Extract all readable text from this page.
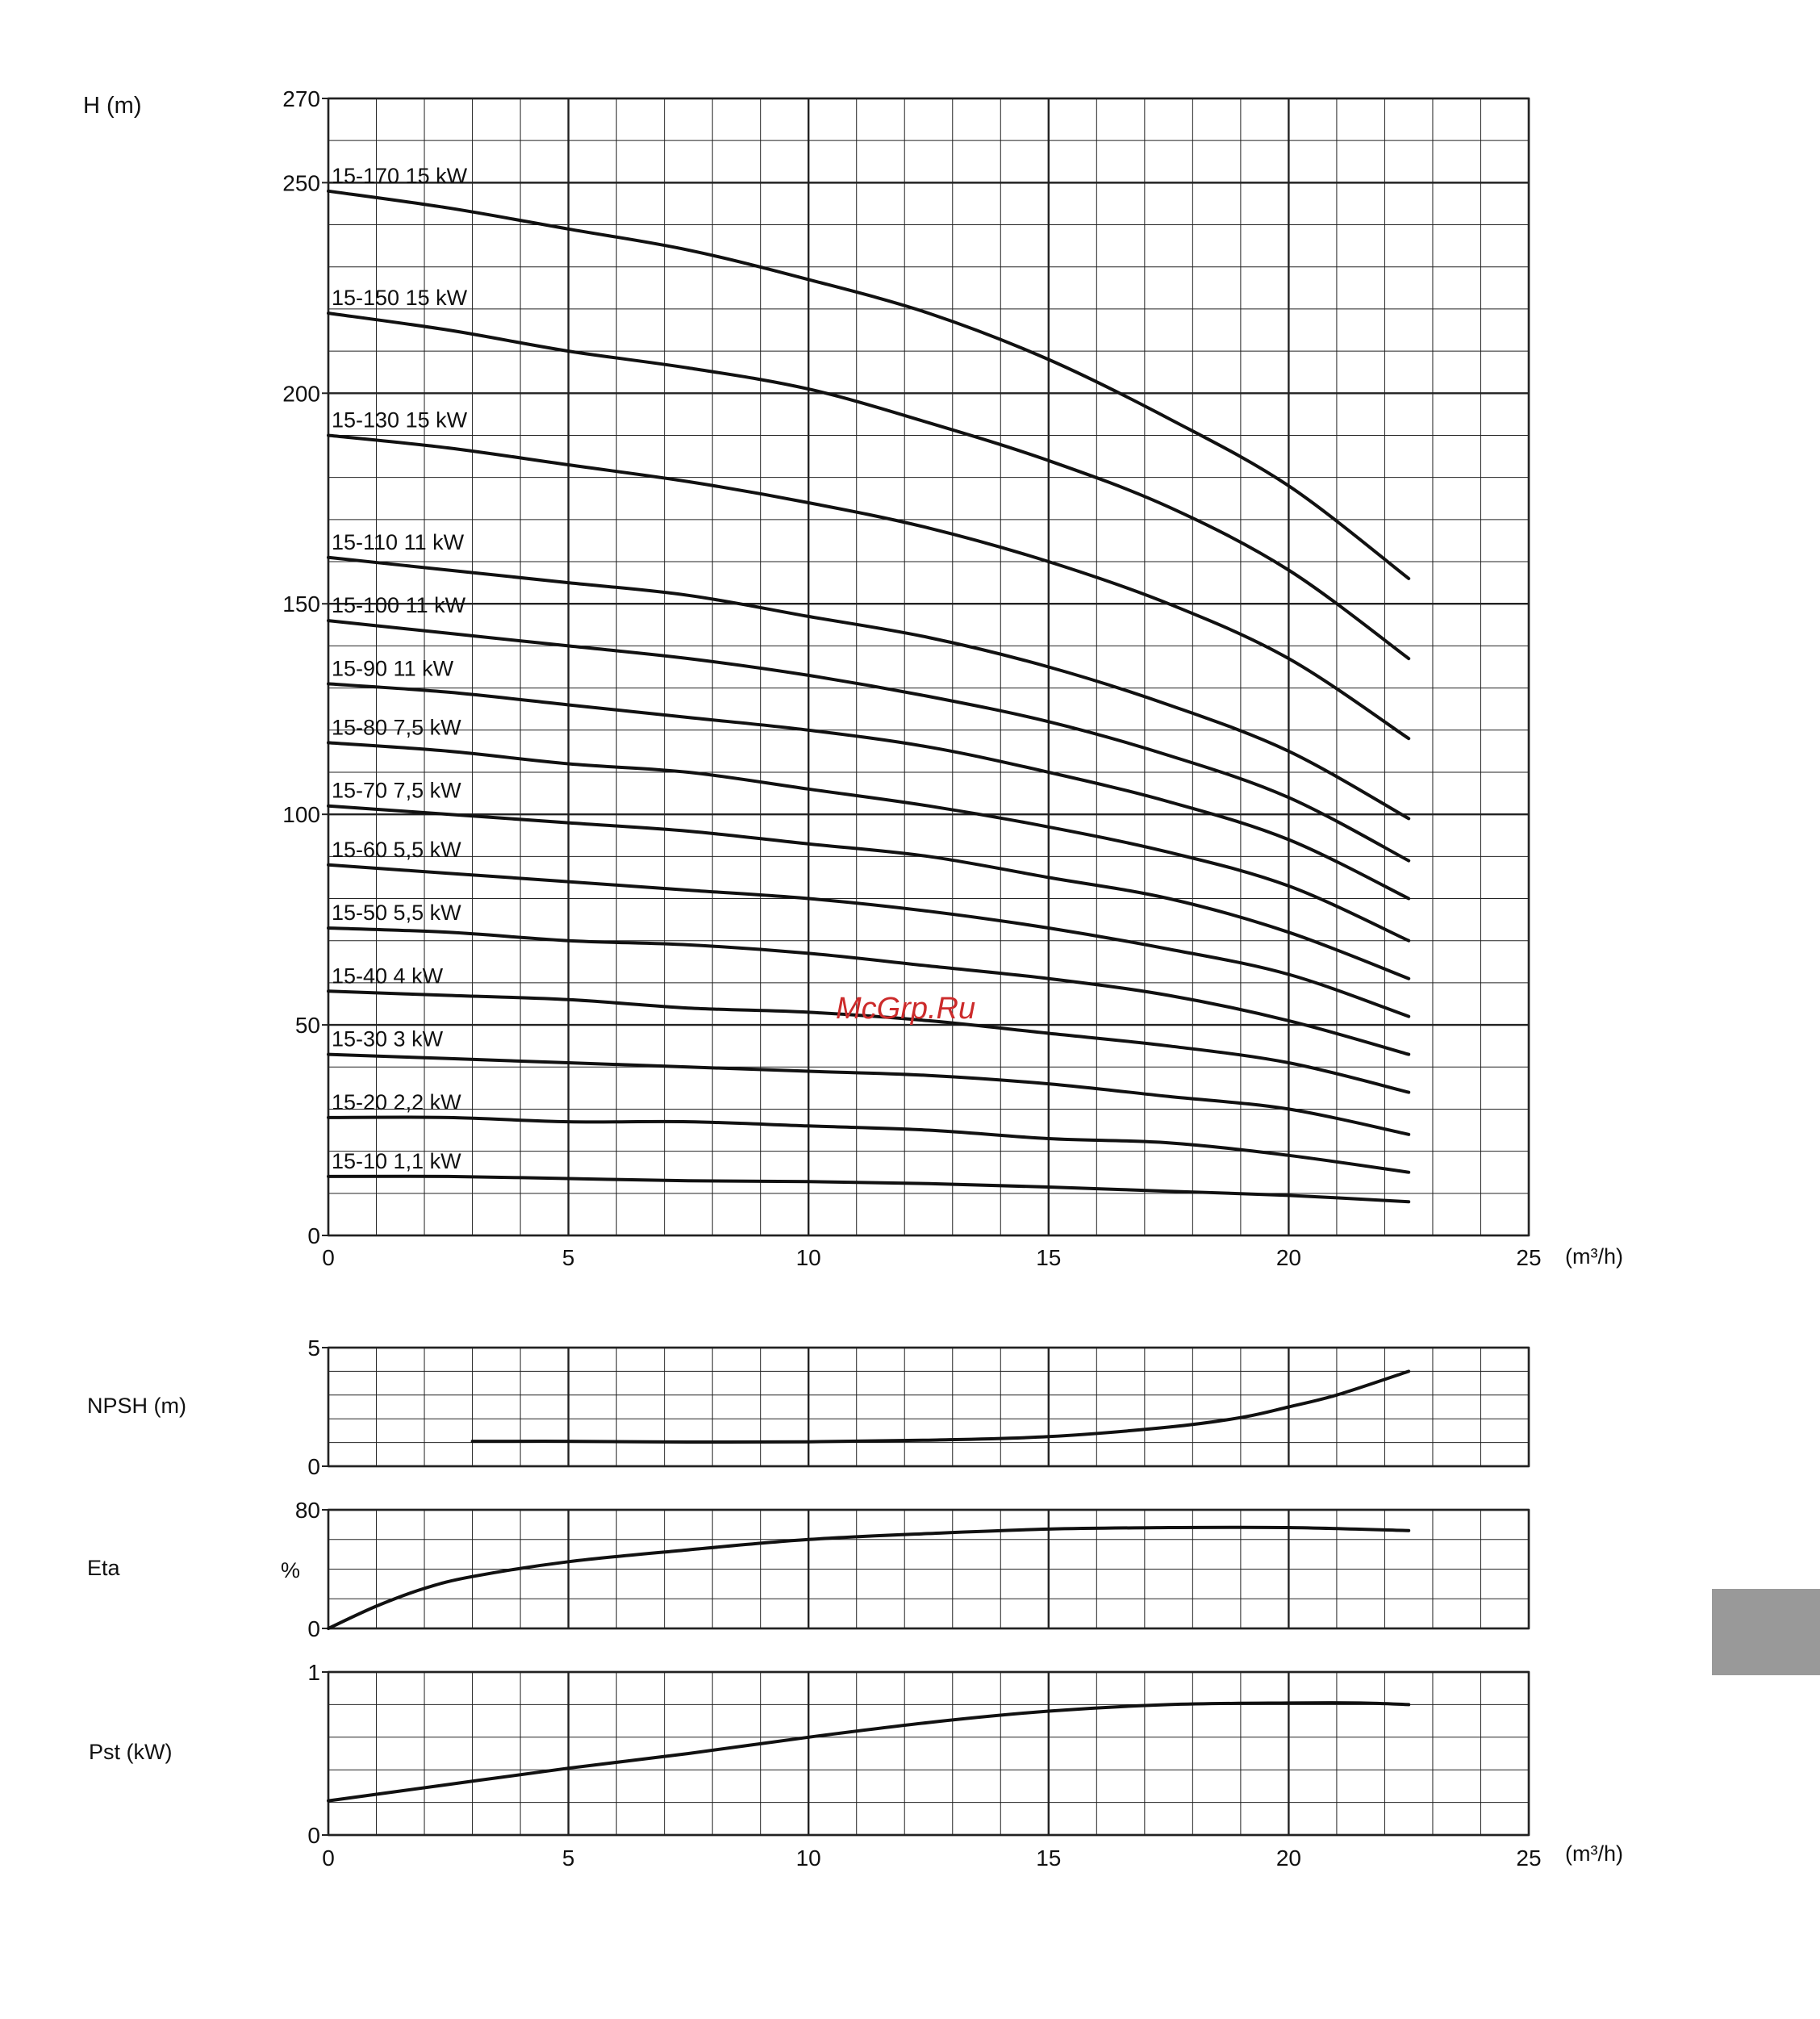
0
50
100
150
200
250
270
0	5	10	15	20	25
15-170 15 kW
15-150 15 kW
15-130 15 kW
15-110 11 kW
15-100 11 kW
15-90 11 kW
15-80 7,5 kW
15-70 7,5 kW
15-60 5,5 kW
15-50 5,5 kW
15-40 4 kW
15-30 3 kW
15-20 2,2 kW
15-10 1,1 kW
H (m)
(m³/h)
McGrp.Ru
0
5
NPSH (m)
0
80
Eta	%
0
1
0	5	10	15	20	25
Pst (kW)
(m³/h)
